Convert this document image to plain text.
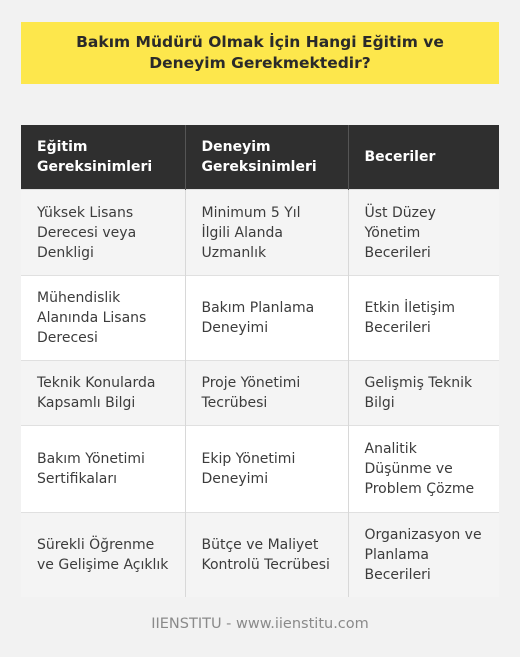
Bakım Müdürü Olmak İçin Hangi Eğitim ve Deneyim Gerekmektedir?
Eğitim Gereksinimleri	Deneyim Gereksinimleri	Beceriler
Yüksek Lisans Derecesi veya Denkligi	Minimum 5 Yıl İlgili Alanda Uzmanlık	Üst Düzey Yönetim Becerileri
Mühendislik Alanında Lisans Derecesi	Bakım Planlama Deneyimi	Etkin İletişim Becerileri
Teknik Konularda Kapsamlı Bilgi	Proje Yönetimi Tecrübesi	Gelişmiş Teknik Bilgi
Bakım Yönetimi Sertifikaları	Ekip Yönetimi Deneyimi	Analitik Düşünme ve Problem Çözme
Sürekli Öğrenme ve Gelişime Açıklık	Bütçe ve Maliyet Kontrolü Tecrübesi	Organizasyon ve Planlama Becerileri
IIENSTITU - www.iienstitu.com
